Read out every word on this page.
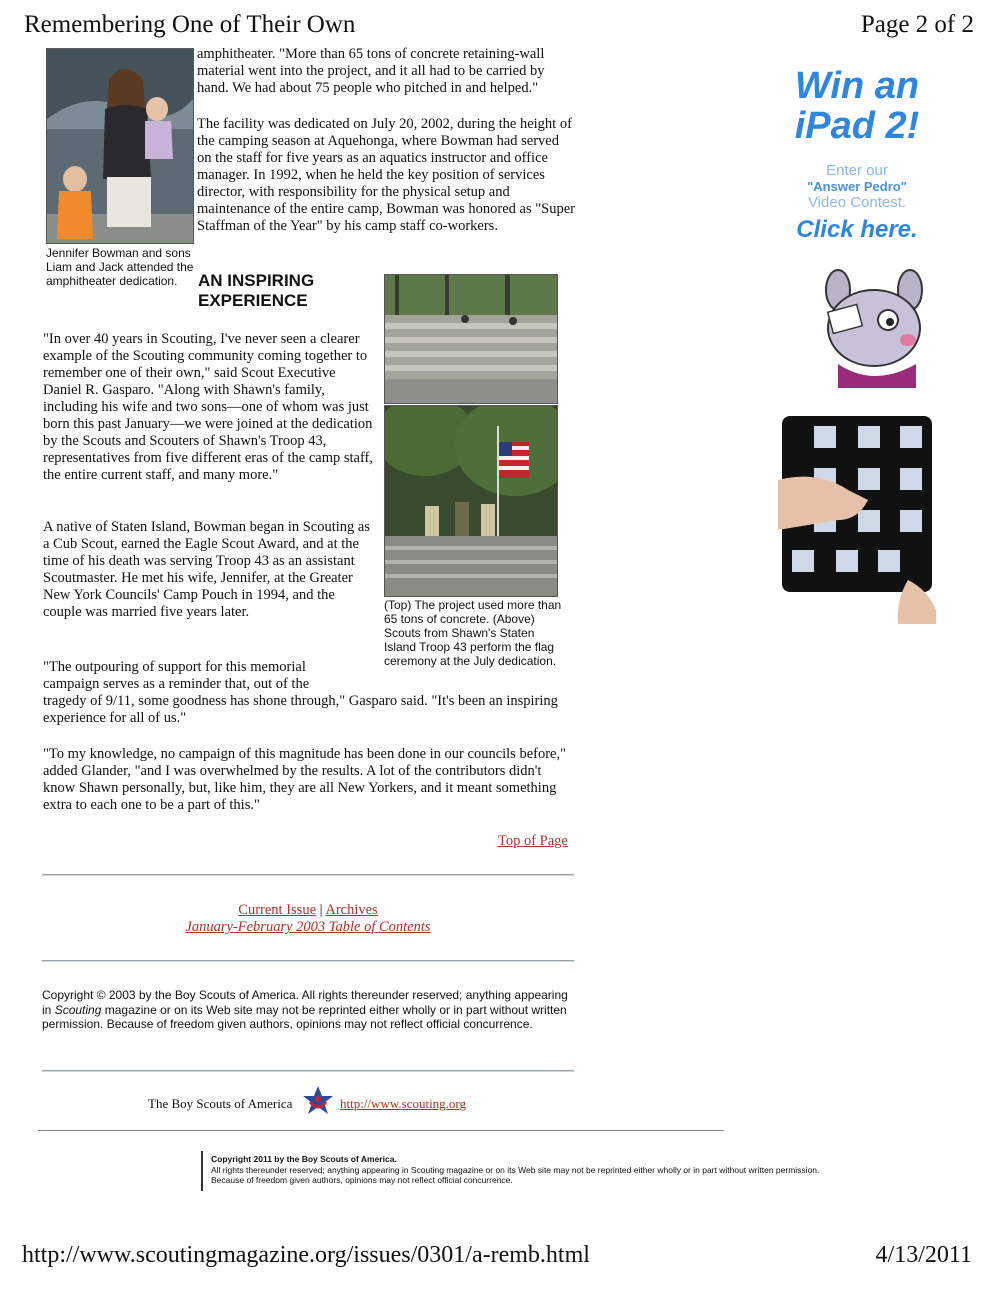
Remembering One of Their Own	Page 2 of 2
Jennifer Bowman and sons Liam and Jack attended the amphitheater dedication.

amphitheater. "More than 65 tons of concrete retaining-wall material went into the project, and it all had to be carried by hand. We had about 75 people who pitched in and helped."

The facility was dedicated on July 20, 2002, during the height of the camping season at Aquehonga, where Bowman had served on the staff for five years as an aquatics instructor and office manager. In 1992, when he held the key position of services director, with responsibility for the physical setup and maintenance of the entire camp, Bowman was honored as "Super Staffman of the Year" by his camp staff co-workers.

AN INSPIRING EXPERIENCE

"In over 40 years in Scouting, I've never seen a clearer example of the Scouting community coming together to remember one of their own," said Scout Executive Daniel R. Gasparo. "Along with Shawn's family, including his wife and two sons—one of whom was just born this past January—we were joined at the dedication by the Scouts and Scouters of Shawn's Troop 43, representatives from five different eras of the camp staff, the entire current staff, and many more."

A native of Staten Island, Bowman began in Scouting as a Cub Scout, earned the Eagle Scout Award, and at the time of his death was serving Troop 43 as an assistant Scoutmaster. He met his wife, Jennifer, at the Greater New York Councils' Camp Pouch in 1994, and the couple was married five years later.

"The outpouring of support for this memorial campaign serves as a reminder that, out of the

tragedy of 9/11, some goodness has shone through," Gasparo said. "It's been an inspiring experience for all of us."

"To my knowledge, no campaign of this magnitude has been done in our councils before," added Glander, "and I was overwhelmed by the results. A lot of the contributors didn't know Shawn personally, but, like him, they are all New Yorkers, and it meant something extra to each one to be a part of this."

(Top) The project used more than 65 tons of concrete. (Above) Scouts from Shawn's Staten Island Troop 43 perform the flag ceremony at the July dedication.
Top of Page
Current Issue | Archives
January-February 2003 Table of Contents
Copyright © 2003 by the Boy Scouts of America. All rights thereunder reserved; anything appearing in Scouting magazine or on its Web site may not be reprinted either wholly or in part without written permission. Because of freedom given authors, opinions may not reflect official concurrence.
The Boy Scouts of America	http://www.scouting.org
Copyright 2011 by the Boy Scouts of America.
All rights thereunder reserved; anything appearing in Scouting magazine or on its Web site may not be reprinted either wholly or in part without written permission.
Because of freedom given authors, opinions may not reflect official concurrence.
Win an
iPad 2!
Enter our
"Answer Pedro"
Video Contest.
Click here.
http://www.scoutingmagazine.org/issues/0301/a-remb.html	4/13/2011
